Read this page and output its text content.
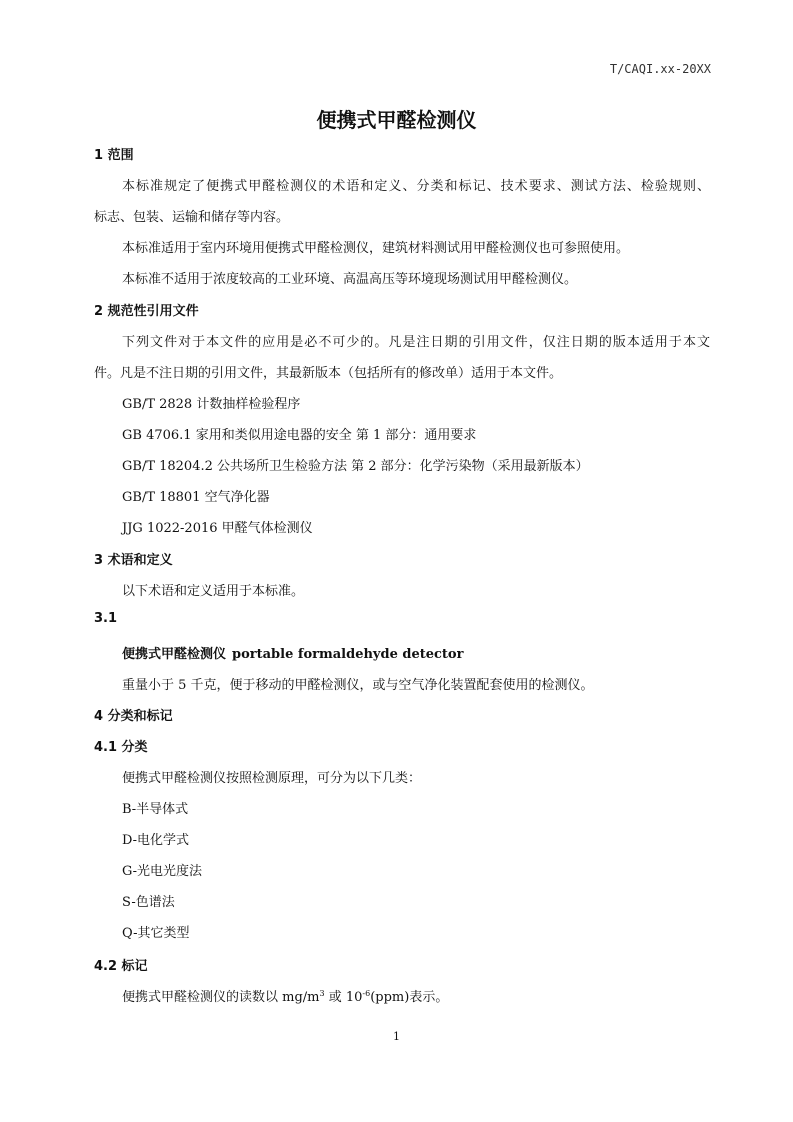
T/CAQI.xx-20XX
便携式甲醛检测仪
1 范围
本标准规定了便携式甲醛检测仪的术语和定义、分类和标记、技术要求、测试方法、检验规则、
标志、包装、运输和储存等内容。
本标准适用于室内环境用便携式甲醛检测仪，建筑材料测试用甲醛检测仪也可参照使用。
本标准不适用于浓度较高的工业环境、高温高压等环境现场测试用甲醛检测仪。
2 规范性引用文件
下列文件对于本文件的应用是必不可少的。凡是注日期的引用文件，仅注日期的版本适用于本文
件。凡是不注日期的引用文件，其最新版本（包括所有的修改单）适用于本文件。
GB/T 2828 计数抽样检验程序
GB 4706.1 家用和类似用途电器的安全 第 1 部分：通用要求
GB/T 18204.2 公共场所卫生检验方法 第 2 部分：化学污染物（采用最新版本）
GB/T 18801 空气净化器
JJG 1022-2016 甲醛气体检测仪
3 术语和定义
以下术语和定义适用于本标准。
3.1
便携式甲醛检测仪 portable formaldehyde detector
重量小于 5 千克，便于移动的甲醛检测仪，或与空气净化装置配套使用的检测仪。
4 分类和标记
4.1 分类
便携式甲醛检测仪按照检测原理，可分为以下几类：
B-半导体式
D-电化学式
G-光电光度法
S-色谱法
Q-其它类型
4.2 标记
便携式甲醛检测仪的读数以 $mg/m^3$ 或 $10^{-6}(ppm)$表示。
1
